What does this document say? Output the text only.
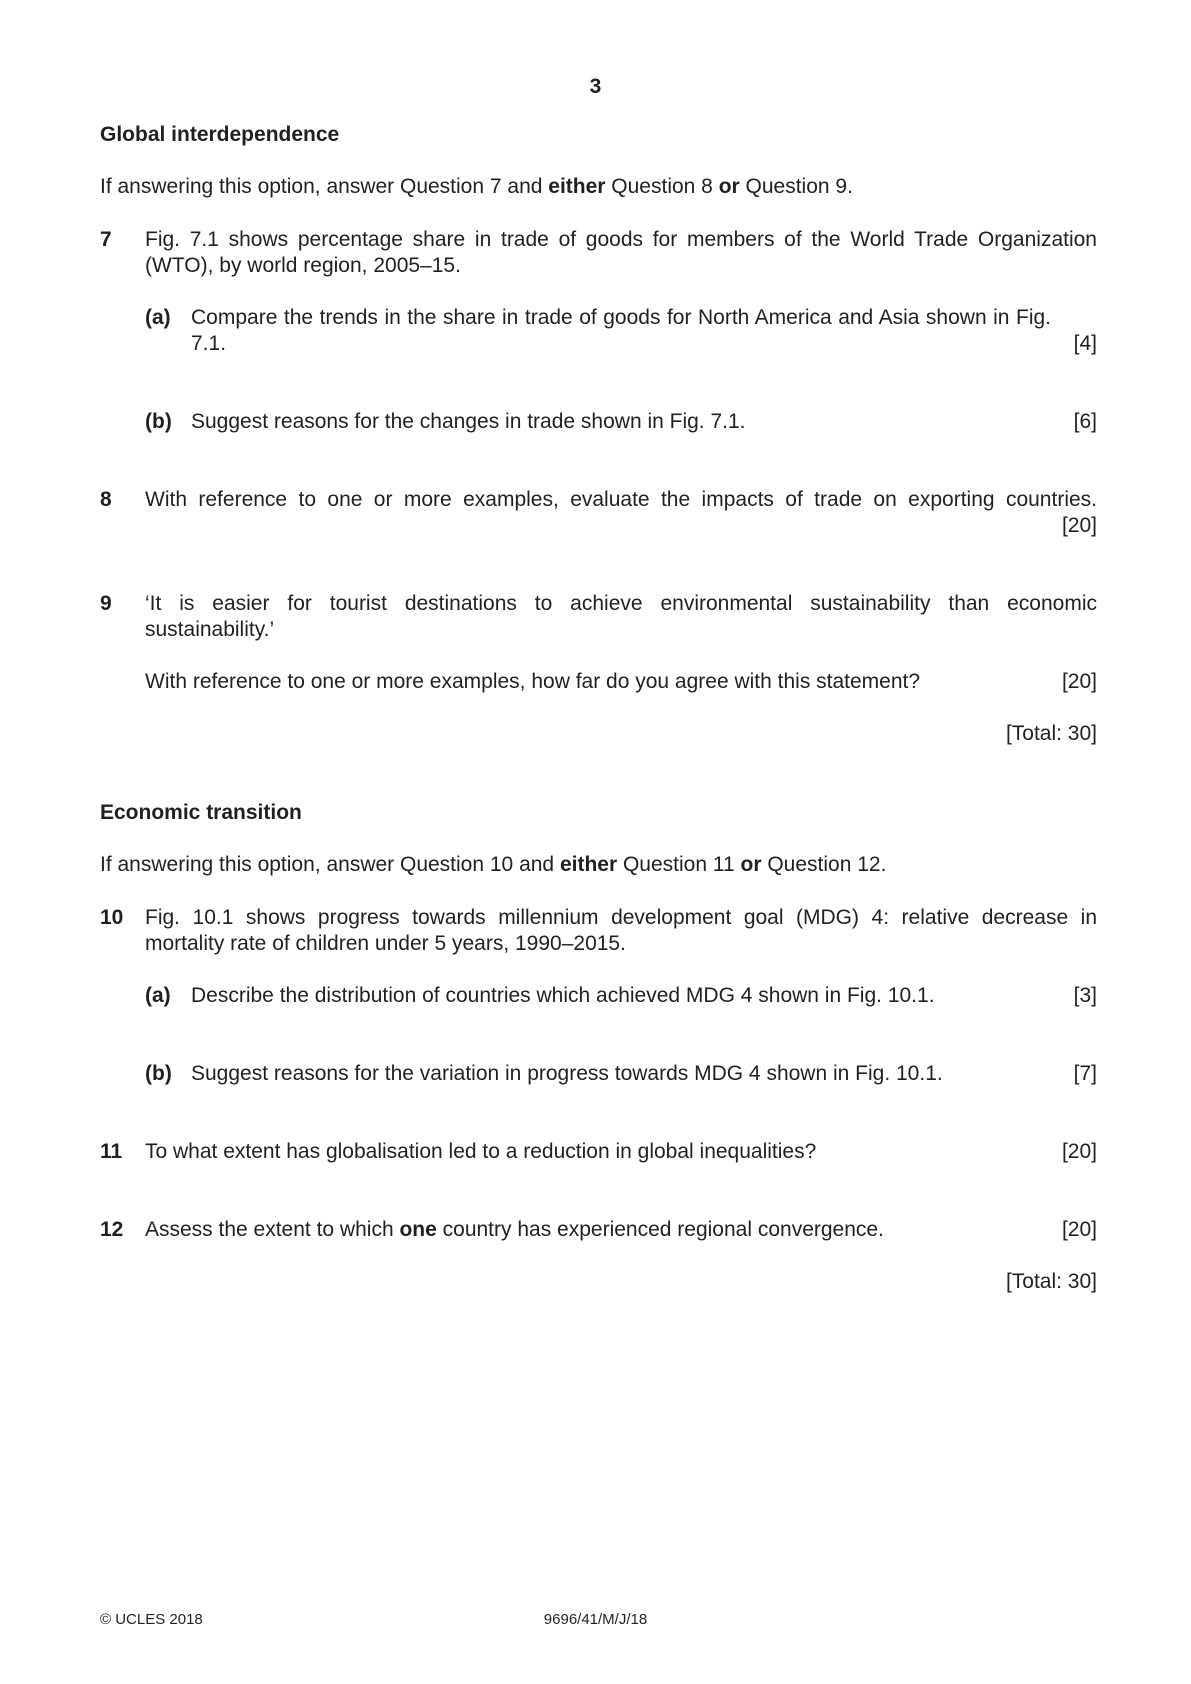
3
Global interdependence
If answering this option, answer Question 7 and either Question 8 or Question 9.
7 Fig. 7.1 shows percentage share in trade of goods for members of the World Trade Organization (WTO), by world region, 2005–15.
(a) Compare the trends in the share in trade of goods for North America and Asia shown in Fig. 7.1.	[4]
(b) Suggest reasons for the changes in trade shown in Fig. 7.1.	[6]
8 With reference to one or more examples, evaluate the impacts of trade on exporting countries.
[20]
9 ‘It is easier for tourist destinations to achieve environmental sustainability than economic sustainability.’
With reference to one or more examples, how far do you agree with this statement?	[20]
[Total: 30]
Economic transition
If answering this option, answer Question 10 and either Question 11 or Question 12.
10 Fig. 10.1 shows progress towards millennium development goal (MDG) 4: relative decrease in mortality rate of children under 5 years, 1990–2015.
(a) Describe the distribution of countries which achieved MDG 4 shown in Fig. 10.1.	[3]
(b) Suggest reasons for the variation in progress towards MDG 4 shown in Fig. 10.1.	[7]
11 To what extent has globalisation led to a reduction in global inequalities?	[20]
12 Assess the extent to which one country has experienced regional convergence.	[20]
[Total: 30]
© UCLES 2018	9696/41/M/J/18
